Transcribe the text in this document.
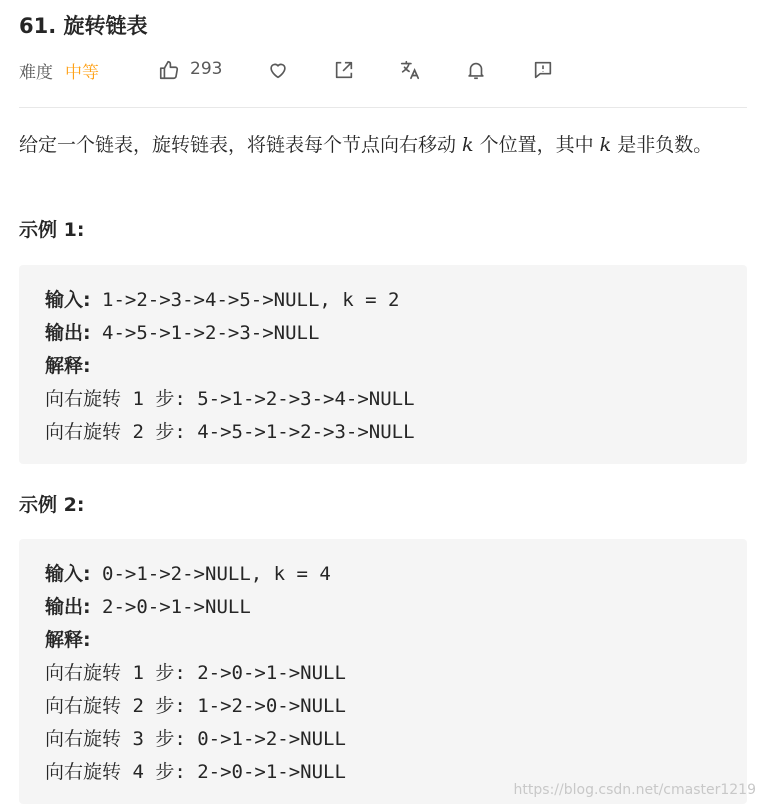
61. 旋转链表
难度 中等	293
给定一个链表，旋转链表，将链表每个节点向右移动 k 个位置，其中 k 是非负数。
示例 1:
输入: 1->2->3->4->5->NULL, k = 2
输出: 4->5->1->2->3->NULL
解释:
向右旋转 1 步: 5->1->2->3->4->NULL
向右旋转 2 步: 4->5->1->2->3->NULL
示例 2:
输入: 0->1->2->NULL, k = 4
输出: 2->0->1->NULL
解释:
向右旋转 1 步: 2->0->1->NULL
向右旋转 2 步: 1->2->0->NULL
向右旋转 3 步: 0->1->2->NULL
向右旋转 4 步: 2->0->1->NULL
https://blog.csdn.net/cmaster1219
